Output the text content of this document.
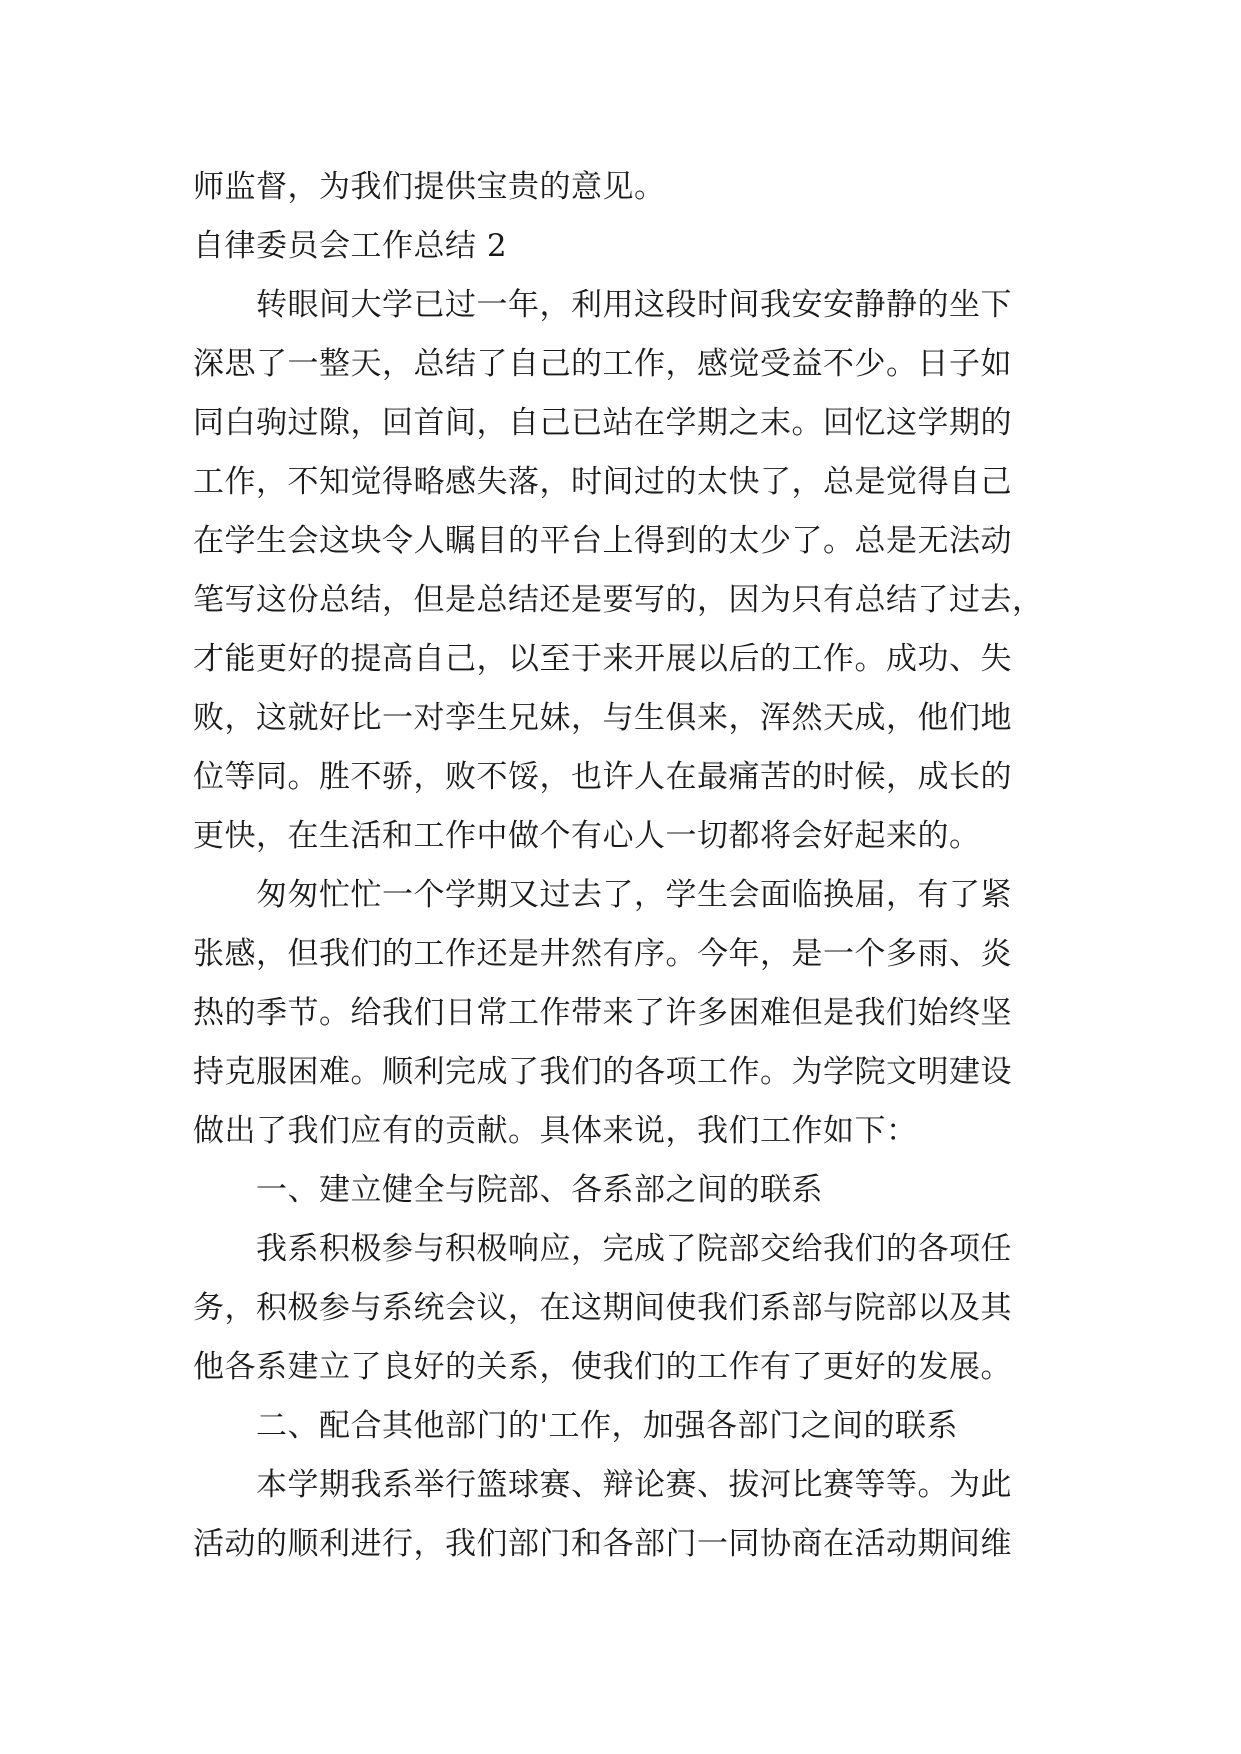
师监督，为我们提供宝贵的意见。
自律委员会工作总结 2
　　转眼间大学已过一年，利用这段时间我安安静静的坐下
深思了一整天，总结了自己的工作，感觉受益不少。日子如
同白驹过隙，回首间，自己已站在学期之末。回忆这学期的
工作，不知觉得略感失落，时间过的太快了，总是觉得自己
在学生会这块令人瞩目的平台上得到的太少了。总是无法动
笔写这份总结，但是总结还是要写的，因为只有总结了过去，
才能更好的提高自己，以至于来开展以后的工作。成功、失
败，这就好比一对孪生兄妹，与生俱来，浑然天成，他们地
位等同。胜不骄，败不馁，也许人在最痛苦的时候，成长的
更快，在生活和工作中做个有心人一切都将会好起来的。
　　匆匆忙忙一个学期又过去了，学生会面临换届，有了紧
张感，但我们的工作还是井然有序。今年，是一个多雨、炎
热的季节。给我们日常工作带来了许多困难但是我们始终坚
持克服困难。顺利完成了我们的各项工作。为学院文明建设
做出了我们应有的贡献。具体来说，我们工作如下：
　　一、建立健全与院部、各系部之间的联系
　　我系积极参与积极响应，完成了院部交给我们的各项任
务，积极参与系统会议，在这期间使我们系部与院部以及其
他各系建立了良好的关系，使我们的工作有了更好的发展。
　　二、配合其他部门的'工作，加强各部门之间的联系
　　本学期我系举行篮球赛、辩论赛、拔河比赛等等。为此
活动的顺利进行，我们部门和各部门一同协商在活动期间维
